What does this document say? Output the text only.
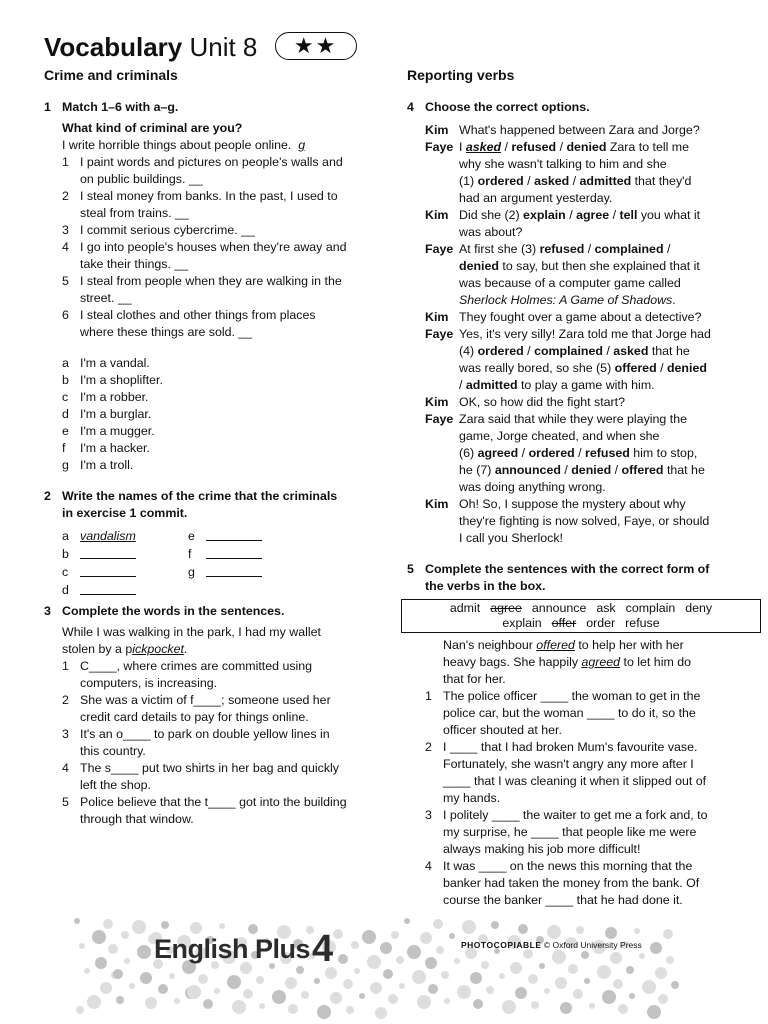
Vocabulary Unit 8 ★★
Crime and criminals
1 Match 1–6 with a–g.
What kind of criminal are you?
I write horrible things about people online. g
1 I paint words and pictures on people's walls and
on public buildings. __
2 I steal money from banks. In the past, I used to
steal from trains. __
3 I commit serious cybercrime. __
4 I go into people's houses when they're away and
take their things. __
5 I steal from people when they are walking in the
street. __
6 I steal clothes and other things from places
where these things are sold. __
a I'm a vandal.
b I'm a shoplifter.
c I'm a robber.
d I'm a burglar.
e I'm a mugger.
f	I'm a hacker.
g I'm a troll.
2 Write the names of the crime that the criminals
in exercise 1 commit.
a vandalism	e
b	f
c	g
d
3 Complete the words in the sentences.
While I was walking in the park, I had my wallet
stolen by a pickpocket.
1 C____, where crimes are committed using
computers, is increasing.
2 She was a victim of f____; someone used her
credit card details to pay for things online.
3 It's an o____ to park on double yellow lines in
this country.
4 The s____ put two shirts in her bag and quickly
left the shop.
5 Police believe that the t____ got into the building
through that window.
Reporting verbs
4 Choose the correct options.
Kim What's happened between Zara and Jorge?
Faye I asked / refused / denied Zara to tell me
why she wasn't talking to him and she
(1) ordered / asked / admitted that they'd
had an argument yesterday.
Kim Did she (2) explain / agree / tell you what it
was about?
Faye At first she (3) refused / complained /
denied to say, but then she explained that it
was because of a computer game called
Sherlock Holmes: A Game of Shadows.
Kim They fought over a game about a detective?
Faye Yes, it's very silly! Zara told me that Jorge had
(4) ordered / complained / asked that he
was really bored, so she (5) offered / denied
/ admitted to play a game with him.
Kim OK, so how did the fight start?
Faye Zara said that while they were playing the
game, Jorge cheated, and when she
(6) agreed / ordered / refused him to stop,
he (7) announced / denied / offered that he
was doing anything wrong.
Kim Oh! So, I suppose the mystery about why
they're fighting is now solved, Faye, or should
I call you Sherlock!
5 Complete the sentences with the correct form of
the verbs in the box.
admit agree announce ask complain deny
explain offer order refuse
Nan's neighbour offered to help her with her
heavy bags. She happily agreed to let him do
that for her.
1 The police officer ____ the woman to get in the
police car, but the woman ____ to do it, so the
officer shouted at her.
2 I ____ that I had broken Mum's favourite vase.
Fortunately, she wasn't angry any more after I
____ that I was cleaning it when it slipped out of
my hands.
3 I politely ____ the waiter to get me a fork and, to
my surprise, he ____ that people like me were
always making his job more difficult!
4 It was ____ on the news this morning that the
banker had taken the money from the bank. Of
course the banker ____ that he had done it.
English Plus 4	PHOTOCOPIABLE © Oxford University Press
